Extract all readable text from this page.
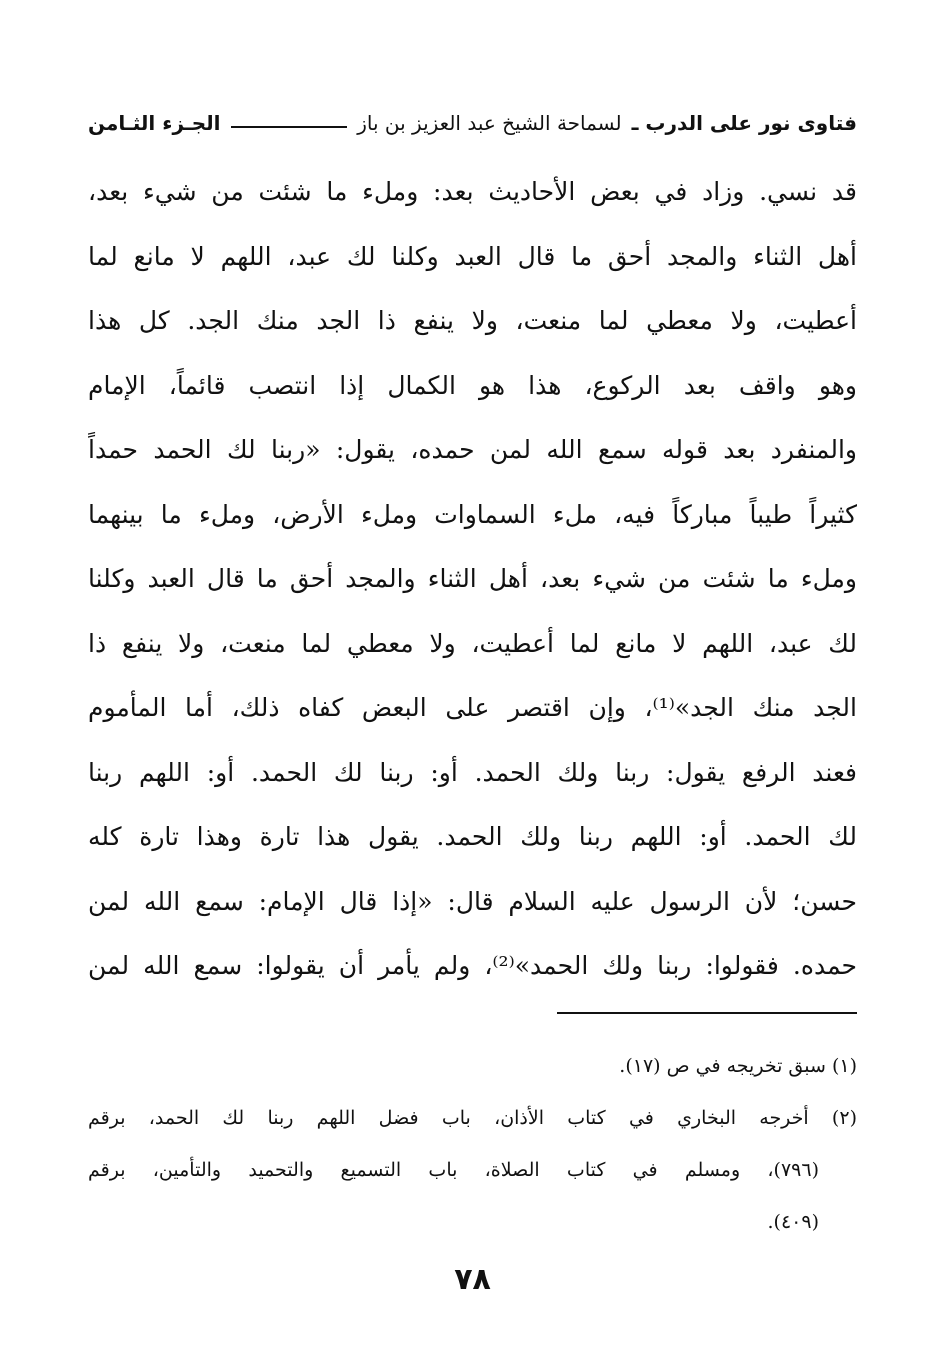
فتاوى نور على الدرب ـ
لسماحة الشيخ عبد العزيز بن باز
الجـزء الثـامن
قد نسي. وزاد في بعض الأحاديث بعد: وملء ما شئت من شيء بعد،
أهل الثناء والمجد أحق ما قال العبد وكلنا لك عبد، اللهم لا مانع لما
أعطيت، ولا معطي لما منعت، ولا ينفع ذا الجد منك الجد. كل هذا
وهو واقف بعد الركوع، هذا هو الكمال إذا انتصب قائماً، الإمام
والمنفرد بعد قوله سمع الله لمن حمده، يقول: «ربنا لك الحمد حمداً
كثيراً طيباً مباركاً فيه، ملء السماوات وملء الأرض، وملء ما بينهما
وملء ما شئت من شيء بعد، أهل الثناء والمجد أحق ما قال العبد وكلنا
لك عبد، اللهم لا مانع لما أعطيت، ولا معطي لما منعت، ولا ينفع ذا
الجد منك الجد»⁽¹⁾، وإن اقتصر على البعض كفاه ذلك، أما المأموم
فعند الرفع يقول: ربنا ولك الحمد. أو: ربنا لك الحمد. أو: اللهم ربنا
لك الحمد. أو: اللهم ربنا ولك الحمد. يقول هذا تارة وهذا تارة كله
حسن؛ لأن الرسول عليه السلام قال: «إذا قال الإمام: سمع الله لمن
حمده. فقولوا: ربنا ولك الحمد»⁽²⁾، ولم يأمر أن يقولوا: سمع الله لمن
(١) سبق تخريجه في ص (١٧).
(٢) أخرجه البخاري في كتاب الأذان، باب فضل اللهم ربنا لك الحمد، برقم
(٧٩٦)، ومسلم في كتاب الصلاة، باب التسميع والتحميد والتأمين، برقم
(٤٠٩).
٧٨
